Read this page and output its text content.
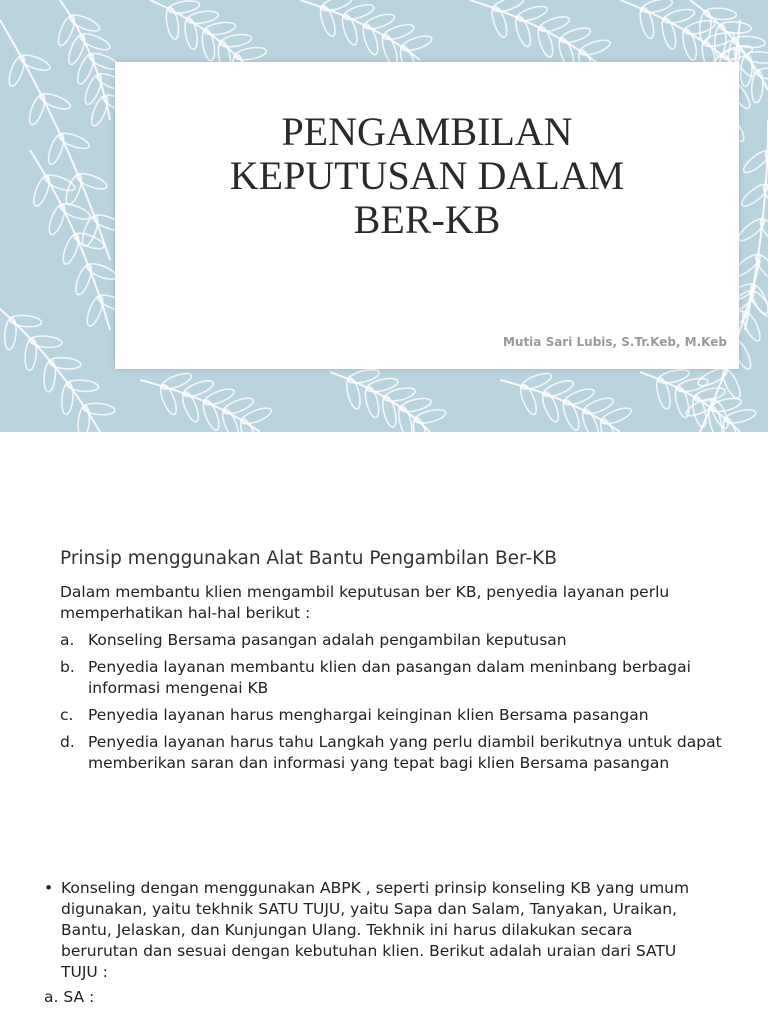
PENGAMBILAN
KEPUTUSAN DALAM
BER-KB
Mutia Sari Lubis, S.Tr.Keb, M.Keb
Prinsip menggunakan Alat Bantu Pengambilan Ber-KB
Dalam membantu klien mengambil keputusan ber KB, penyedia layanan perlu memperhatikan hal-hal berikut :
a. Konseling Bersama pasangan adalah pengambilan keputusan
b. Penyedia layanan membantu klien dan pasangan dalam meninbang berbagai informasi mengenai KB
c. Penyedia layanan harus menghargai keinginan klien Bersama pasangan
d. Penyedia layanan harus tahu Langkah yang perlu diambil berikutnya untuk dapat memberikan saran dan informasi yang tepat bagi klien Bersama pasangan
• Konseling dengan menggunakan ABPK , seperti prinsip konseling KB yang umum digunakan, yaitu tekhnik SATU TUJU, yaitu Sapa dan Salam, Tanyakan, Uraikan, Bantu, Jelaskan, dan Kunjungan Ulang. Tekhnik ini harus dilakukan secara berurutan dan sesuai dengan kebutuhan klien. Berikut adalah uraian dari SATU TUJU :
a. SA :
